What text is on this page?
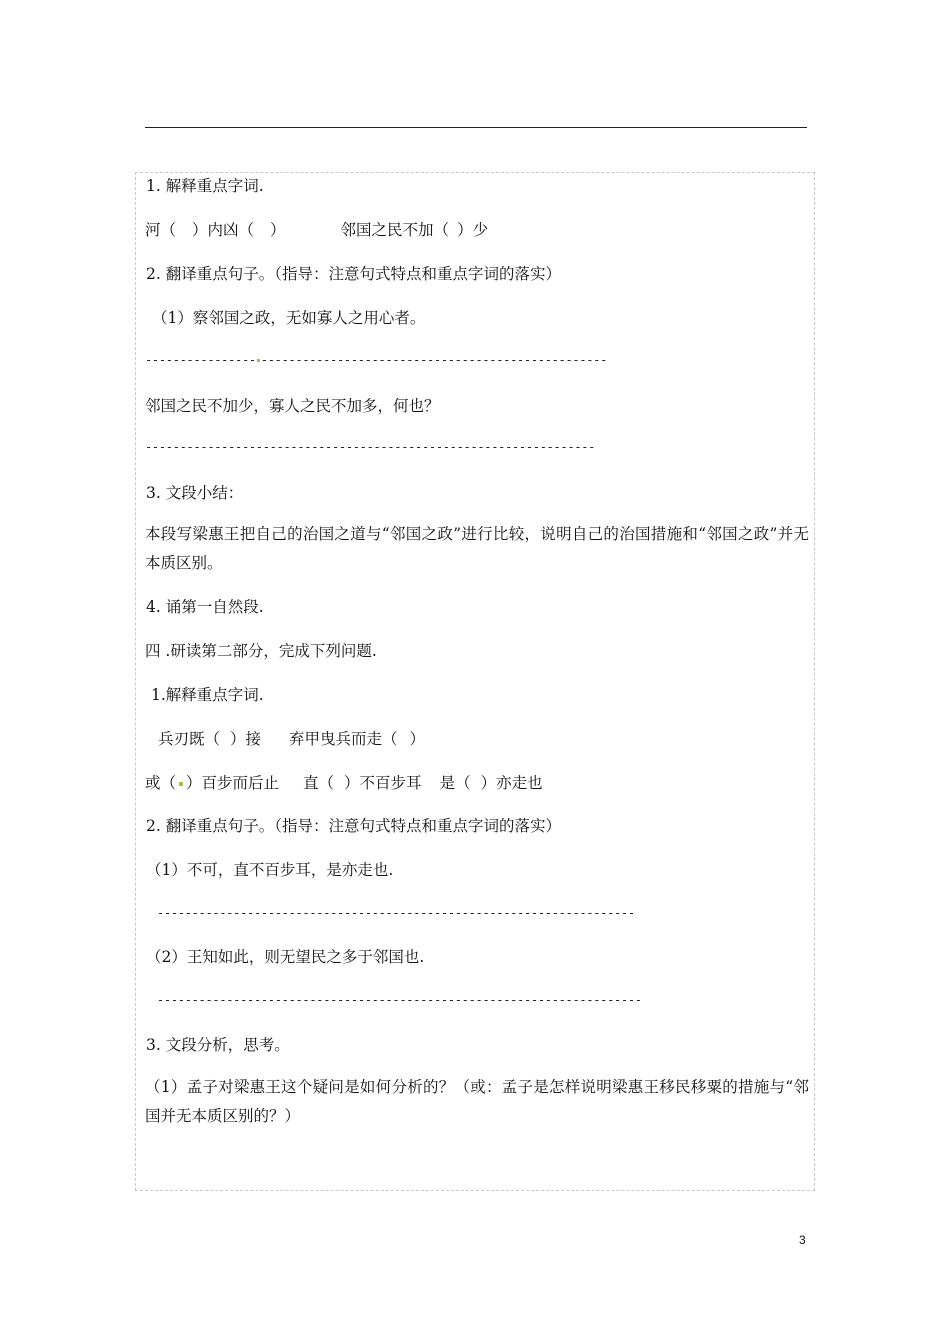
1. 解释重点字词.
河（ ）内凶（ ）	邻国之民不加（ ）少
2. 翻译重点句子。（指导：注意句式特点和重点字词的落实）
（1）察邻国之政，无如寡人之用心者。
---------------- --------------------------------------------------
邻国之民不加少，寡人之民不加多，何也？
-----------------------------------------------------------------
3. 文段小结：
本段写梁惠王把自己的治国之道与“邻国之政”进行比较，说明自己的治国措施和“邻国之政”并无本质区别。
4. 诵第一自然段.
四 .研读第二部分，完成下列问题.
1.解释重点字词.
兵刃既（ ）接 弃甲曳兵而走（ ）
或（ ）百步而后止 直（ ）不百步耳 是（ ）亦走也
2. 翻译重点句子。（指导：注意句式特点和重点字词的落实）
（1）不可，直不百步耳，是亦走也.
---------------------------------------------------------------------
（2）王知如此，则无望民之多于邻国也.
----------------------------------------------------------------------
3. 文段分析，思考。
（1）孟子对梁惠王这个疑问是如何分析的？（或：孟子是怎样说明梁惠王移民移粟的措施与“邻国并无本质区别的？）
3
